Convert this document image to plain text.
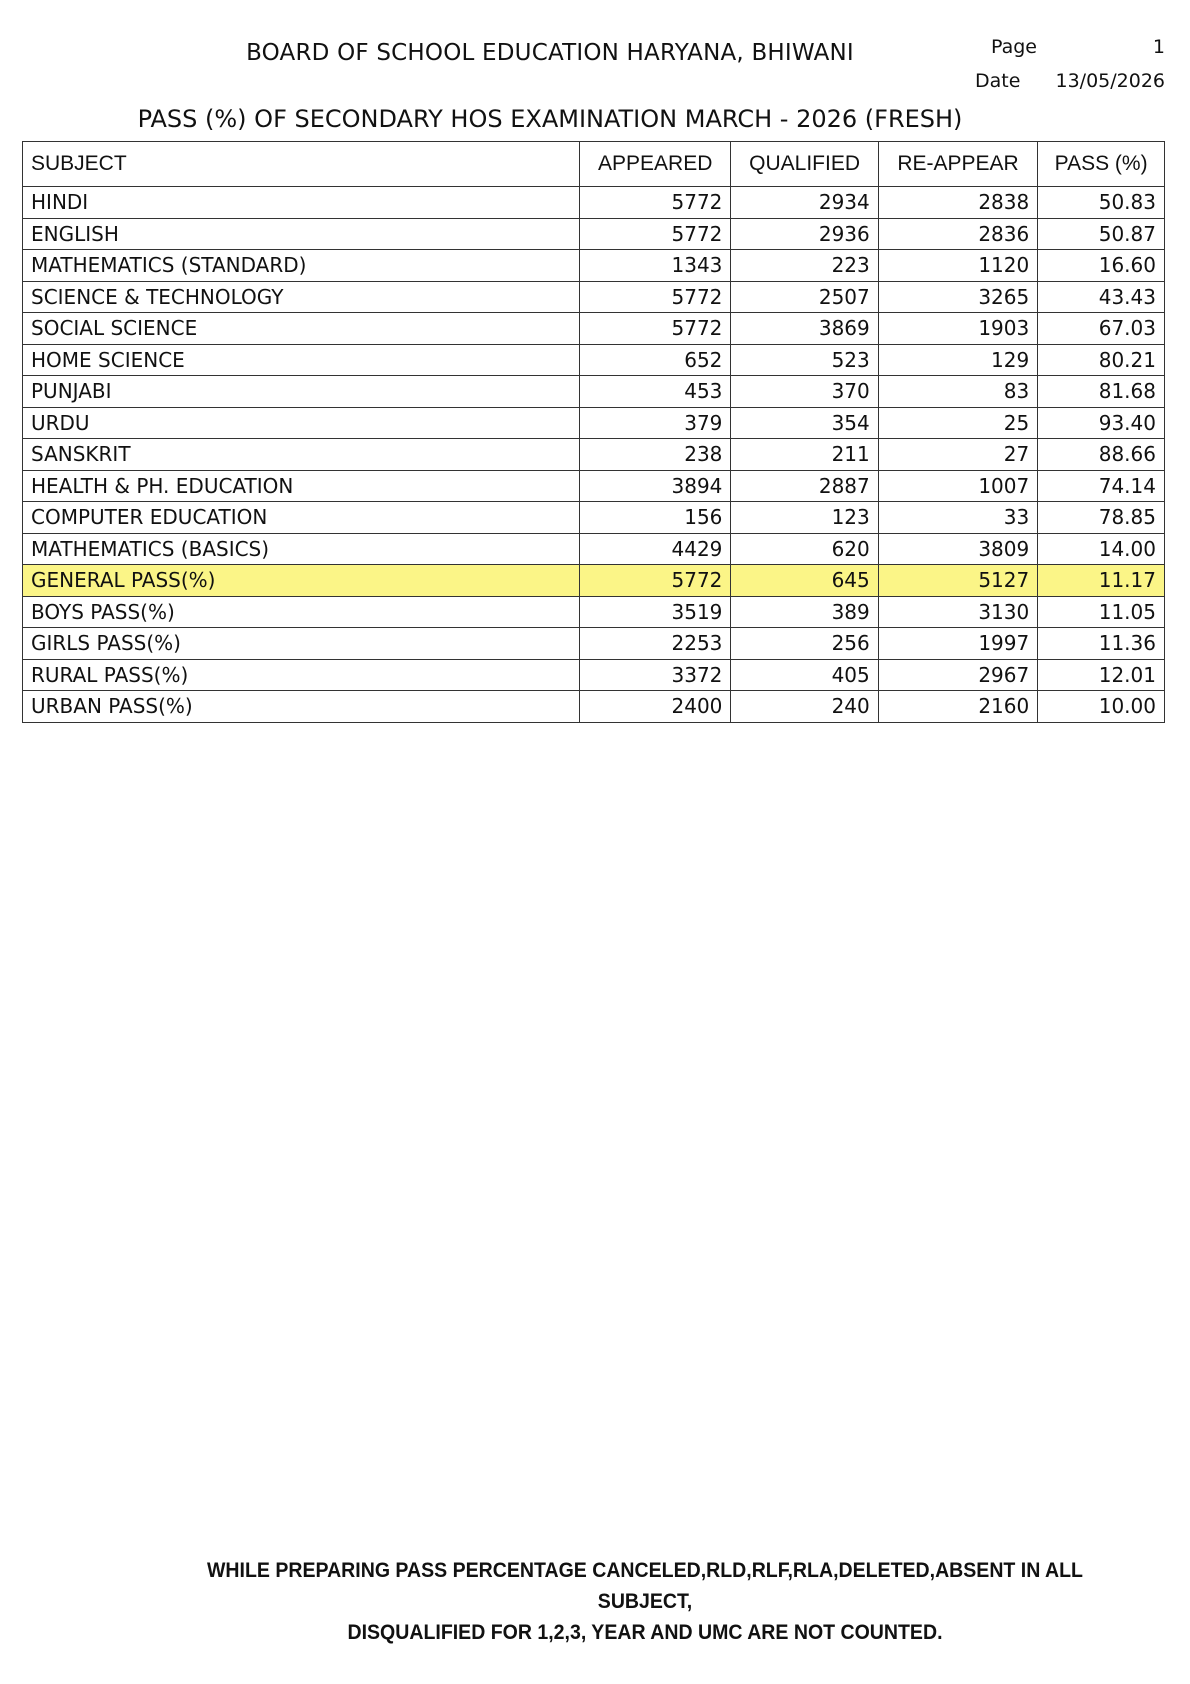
BOARD OF SCHOOL EDUCATION HARYANA, BHIWANI	Page	1
Date 13/05/2026
PASS (%) OF SECONDARY HOS EXAMINATION MARCH - 2026 (FRESH)
SUBJECT	APPEARED	QUALIFIED	RE-APPEAR	PASS (%)
HINDI	5772	2934	2838	50.83
ENGLISH	5772	2936	2836	50.87
MATHEMATICS (STANDARD)	1343	223	1120	16.60
SCIENCE & TECHNOLOGY	5772	2507	3265	43.43
SOCIAL SCIENCE	5772	3869	1903	67.03
HOME SCIENCE	652	523	129	80.21
PUNJABI	453	370	83	81.68
URDU	379	354	25	93.40
SANSKRIT	238	211	27	88.66
HEALTH & PH. EDUCATION	3894	2887	1007	74.14
COMPUTER EDUCATION	156	123	33	78.85
MATHEMATICS (BASICS)	4429	620	3809	14.00
GENERAL PASS(%)	5772	645	5127	11.17
BOYS PASS(%)	3519	389	3130	11.05
GIRLS PASS(%)	2253	256	1997	11.36
RURAL PASS(%)	3372	405	2967	12.01
URBAN PASS(%)	2400	240	2160	10.00
WHILE PREPARING PASS PERCENTAGE CANCELED,RLD,RLF,RLA,DELETED,ABSENT IN ALL SUBJECT,
DISQUALIFIED FOR 1,2,3, YEAR AND UMC ARE NOT COUNTED.
